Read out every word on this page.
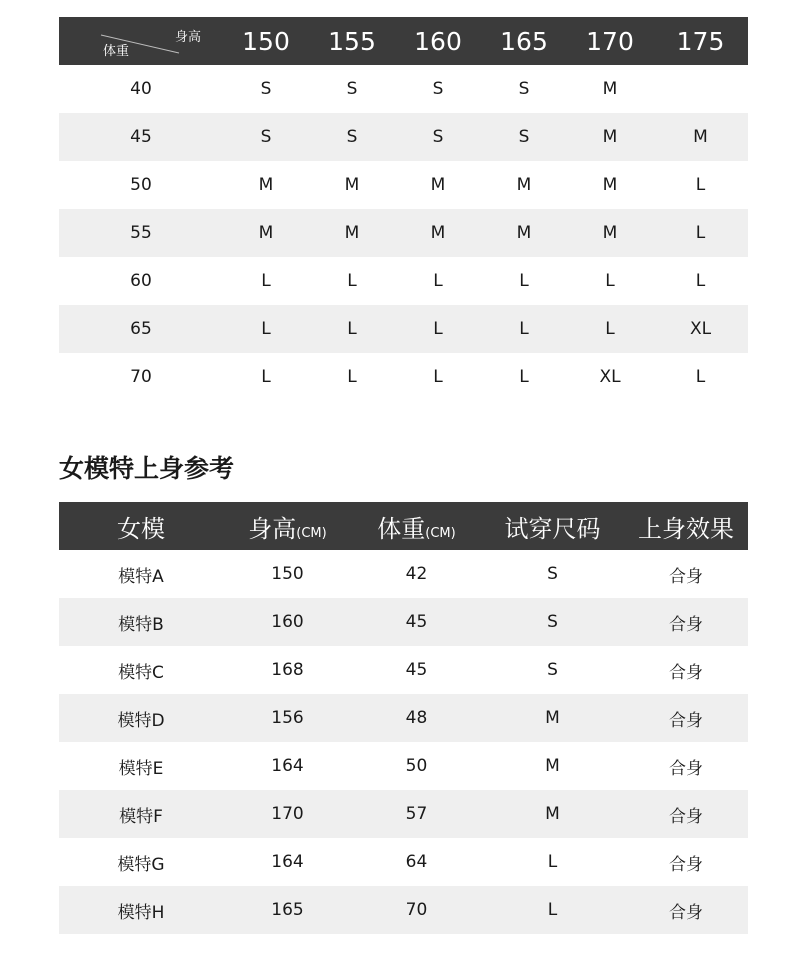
身高
体重	150	155	160	165	170	175
40	S	S	S	S	M	
45	S	S	S	S	M	M
50	M	M	M	M	M	L
55	M	M	M	M	M	L
60	L	L	L	L	L	L
65	L	L	L	L	L	XL
70	L	L	L	L	XL	L
女模特上身参考
女模	身高(CM)	体重(CM)	试穿尺码	上身效果
模特A	150	42	S	合身
模特B	160	45	S	合身
模特C	168	45	S	合身
模特D	156	48	M	合身
模特E	164	50	M	合身
模特F	170	57	M	合身
模特G	164	64	L	合身
模特H	165	70	L	合身
